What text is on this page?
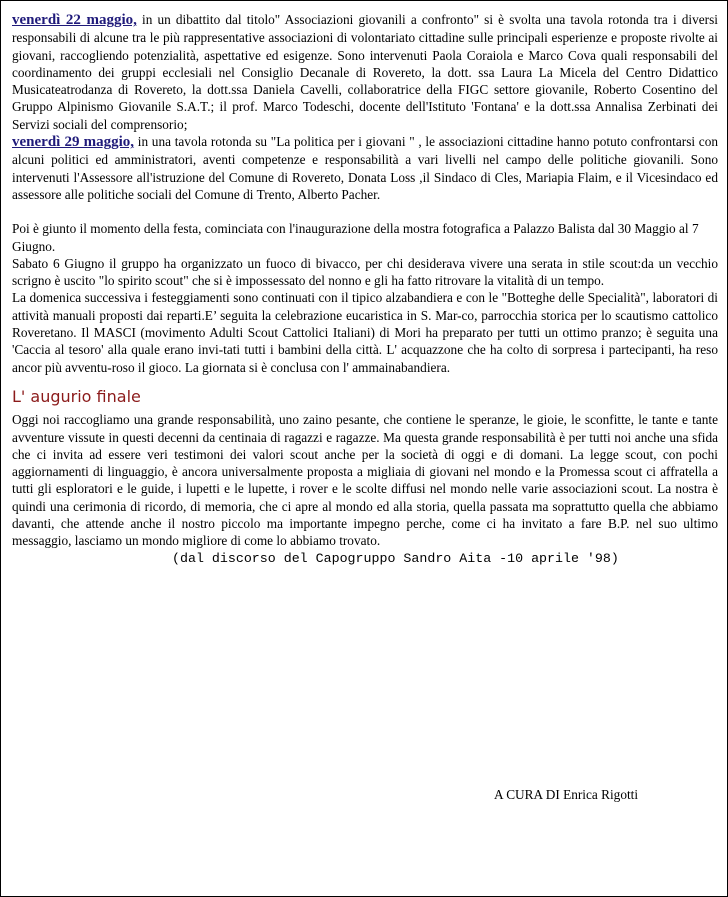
venerdì 22 maggio, in un dibattito dal titolo" Associazioni giovanili a confronto" si è svolta una tavola rotonda tra i diversi responsabili di alcune tra le più rappresentative associazioni di volontariato cittadine sulle principali esperienze e proposte rivolte ai giovani, raccogliendo potenzialità, aspettative ed esigenze. Sono intervenuti Paola Coraiola e Marco Cova quali responsabili del coordinamento dei gruppi ecclesiali nel Consiglio Decanale di Rovereto, la dott. ssa Laura La Micela del Centro Didattico Musicateatrodanza di Rovereto, la dott.ssa Daniela Cavelli, collaboratrice della FIGC settore giovanile, Roberto Cosentino del Gruppo Alpinismo Giovanile S.A.T.; il prof. Marco Todeschi, docente dell'Istituto 'Fontana' e la dott.ssa Annalisa Zerbinati dei Servizi sociali del comprensorio;

venerdì 29 maggio, in una tavola rotonda su "La politica per i giovani " , le associazioni cittadine hanno potuto confrontarsi con alcuni politici ed amministratori, aventi competenze e responsabilità a vari livelli nel campo delle politiche giovanili. Sono intervenuti l'Assessore all'istruzione del Comune di Rovereto, Donata Loss ,il Sindaco di Cles, Mariapia Flaim, e il Vicesindaco ed assessore alle politiche sociali del Comune di Trento, Alberto Pacher.

Poi è giunto il momento della festa, cominciata con l'inaugurazione della mostra fotografica a Palazzo Balista dal 30 Maggio al 7 Giugno.

Sabato 6 Giugno il gruppo ha organizzato un fuoco di bivacco, per chi desiderava vivere una serata in stile scout:da un vecchio scrigno è uscito "lo spirito scout" che si è impossessato del nonno e gli ha fatto ritrovare la vitalità di un tempo.

La domenica successiva i festeggiamenti sono continuati con il tipico alzabandiera e con le "Botteghe delle Specialità", laboratori di attività manuali proposti dai reparti.E’ seguita la celebrazione eucaristica in S. Mar-co, parrocchia storica per lo scautismo cattolico Roveretano. Il MASCI (movimento Adulti Scout Cattolici Italiani) di Mori ha preparato per tutti un ottimo pranzo; è seguita una 'Caccia al tesoro' alla quale erano invi-tati tutti i bambini della città. L' acquazzone che ha colto di sorpresa i partecipanti, ha reso ancor più avventu-roso il gioco. La giornata si è conclusa con l' ammainabandiera.

L' augurio finale

Oggi noi raccogliamo una grande responsabilità, uno zaino pesante, che contiene le speranze, le gioie, le sconfitte, le tante e tante avventure vissute in questi decenni da centinaia di ragazzi e ragazze. Ma questa grande responsabilità è per tutti noi anche una sfida che ci invita ad essere veri testimoni dei valori scout anche per la società di oggi e di domani. La legge scout, con pochi aggiornamenti di linguaggio, è ancora universalmente proposta a migliaia di giovani nel mondo e la Promessa scout ci affratella a tutti gli esploratori e le guide, i lupetti e le lupette, i rover e le scolte diffusi nel mondo nelle varie associazioni scout. La nostra è quindi una cerimonia di ricordo, di memoria, che ci apre al mondo ed alla storia, quella passata ma soprattutto quella che abbiamo davanti, che attende anche il nostro piccolo ma importante impegno perche, come ci ha invitato a fare B.P. nel suo ultimo messaggio, lasciamo un mondo migliore di come lo abbiamo trovato.

(dal discorso del Capogruppo Sandro Aita -10 aprile '98)

A CURA DI Enrica Rigotti
